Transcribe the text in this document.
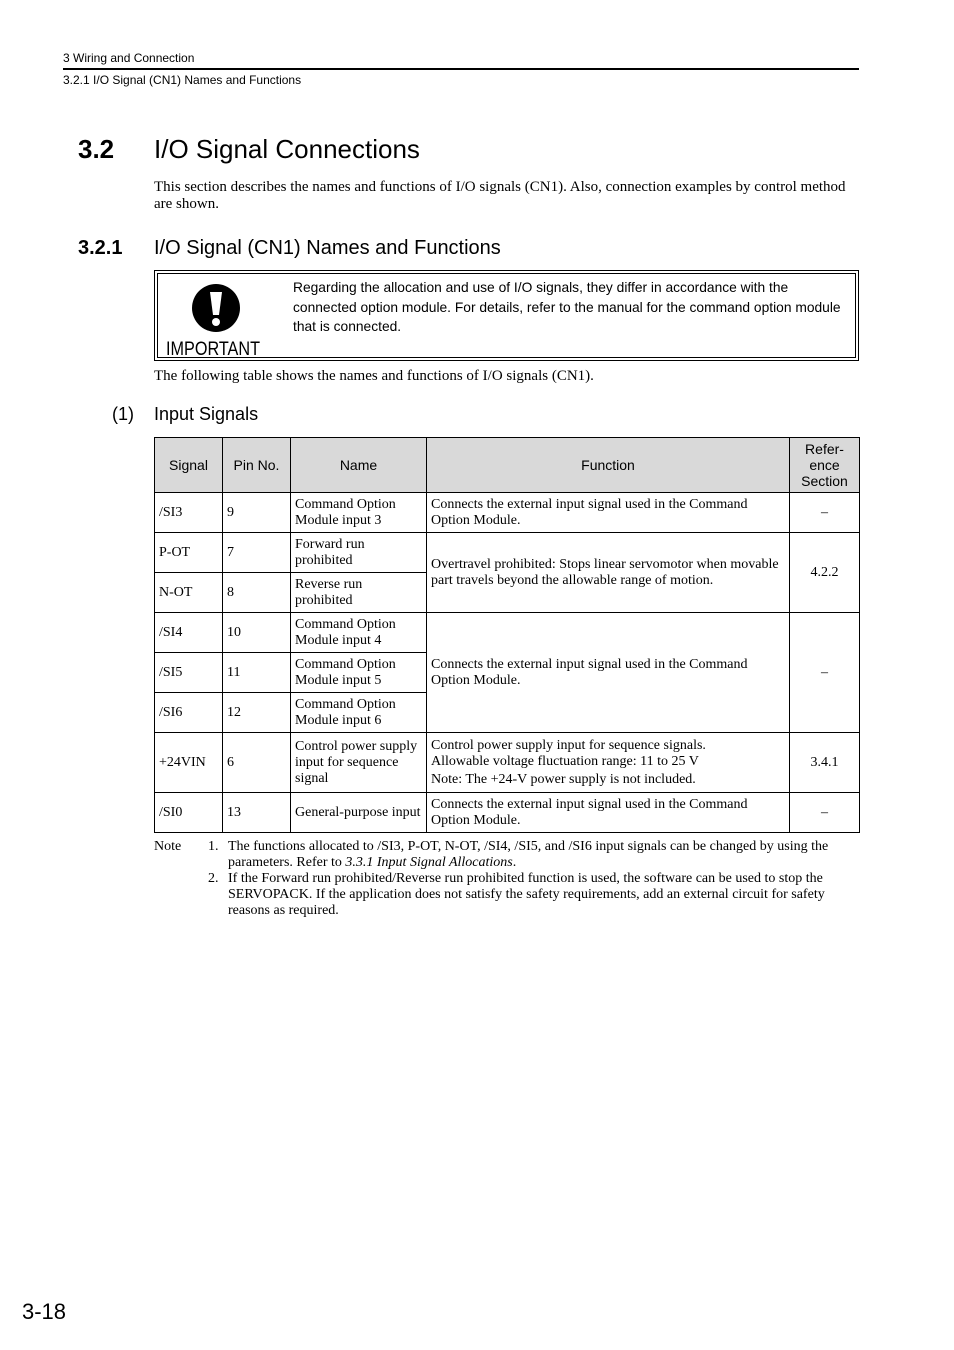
3 Wiring and Connection
3.2.1 I/O Signal (CN1) Names and Functions
3.2 I/O Signal Connections
This section describes the names and functions of I/O signals (CN1). Also, connection examples by control method are shown.
3.2.1 I/O Signal (CN1) Names and Functions
IMPORTANT
Regarding the allocation and use of I/O signals, they differ in accordance with the connected option module. For details, refer to the manual for the command option module that is connected.
The following table shows the names and functions of I/O signals (CN1).
(1) Input Signals
Signal	Pin No.	Name	Function	Refer-ence Section
/SI3	9	Command Option Module input 3	Connects the external input signal used in the Command Option Module.	–
P-OT	7	Forward run prohibited	Overtravel prohibited: Stops linear servomotor when movable part travels beyond the allowable range of motion.	4.2.2
N-OT	8	Reverse run prohibited		
/SI4	10	Command Option Module input 4	Connects the external input signal used in the Command Option Module.	–
/SI5	11	Command Option Module input 5		
/SI6	12	Command Option Module input 6		
+24VIN	6	Control power supply input for sequence signal	Control power supply input for sequence signals.
Allowable voltage fluctuation range: 11 to 25 V
Note: The +24-V power supply is not included.	3.4.1
/SI0	13	General-purpose input	Connects the external input signal used in the Command Option Module.	–
Note	1. The functions allocated to /SI3, P-OT, N-OT, /SI4, /SI5, and /SI6 input signals can be changed by using the parameters. Refer to 3.3.1 Input Signal Allocations.
2. If the Forward run prohibited/Reverse run prohibited function is used, the software can be used to stop the SERVOPACK. If the application does not satisfy the safety requirements, add an external circuit for safety reasons as required.
3-18
